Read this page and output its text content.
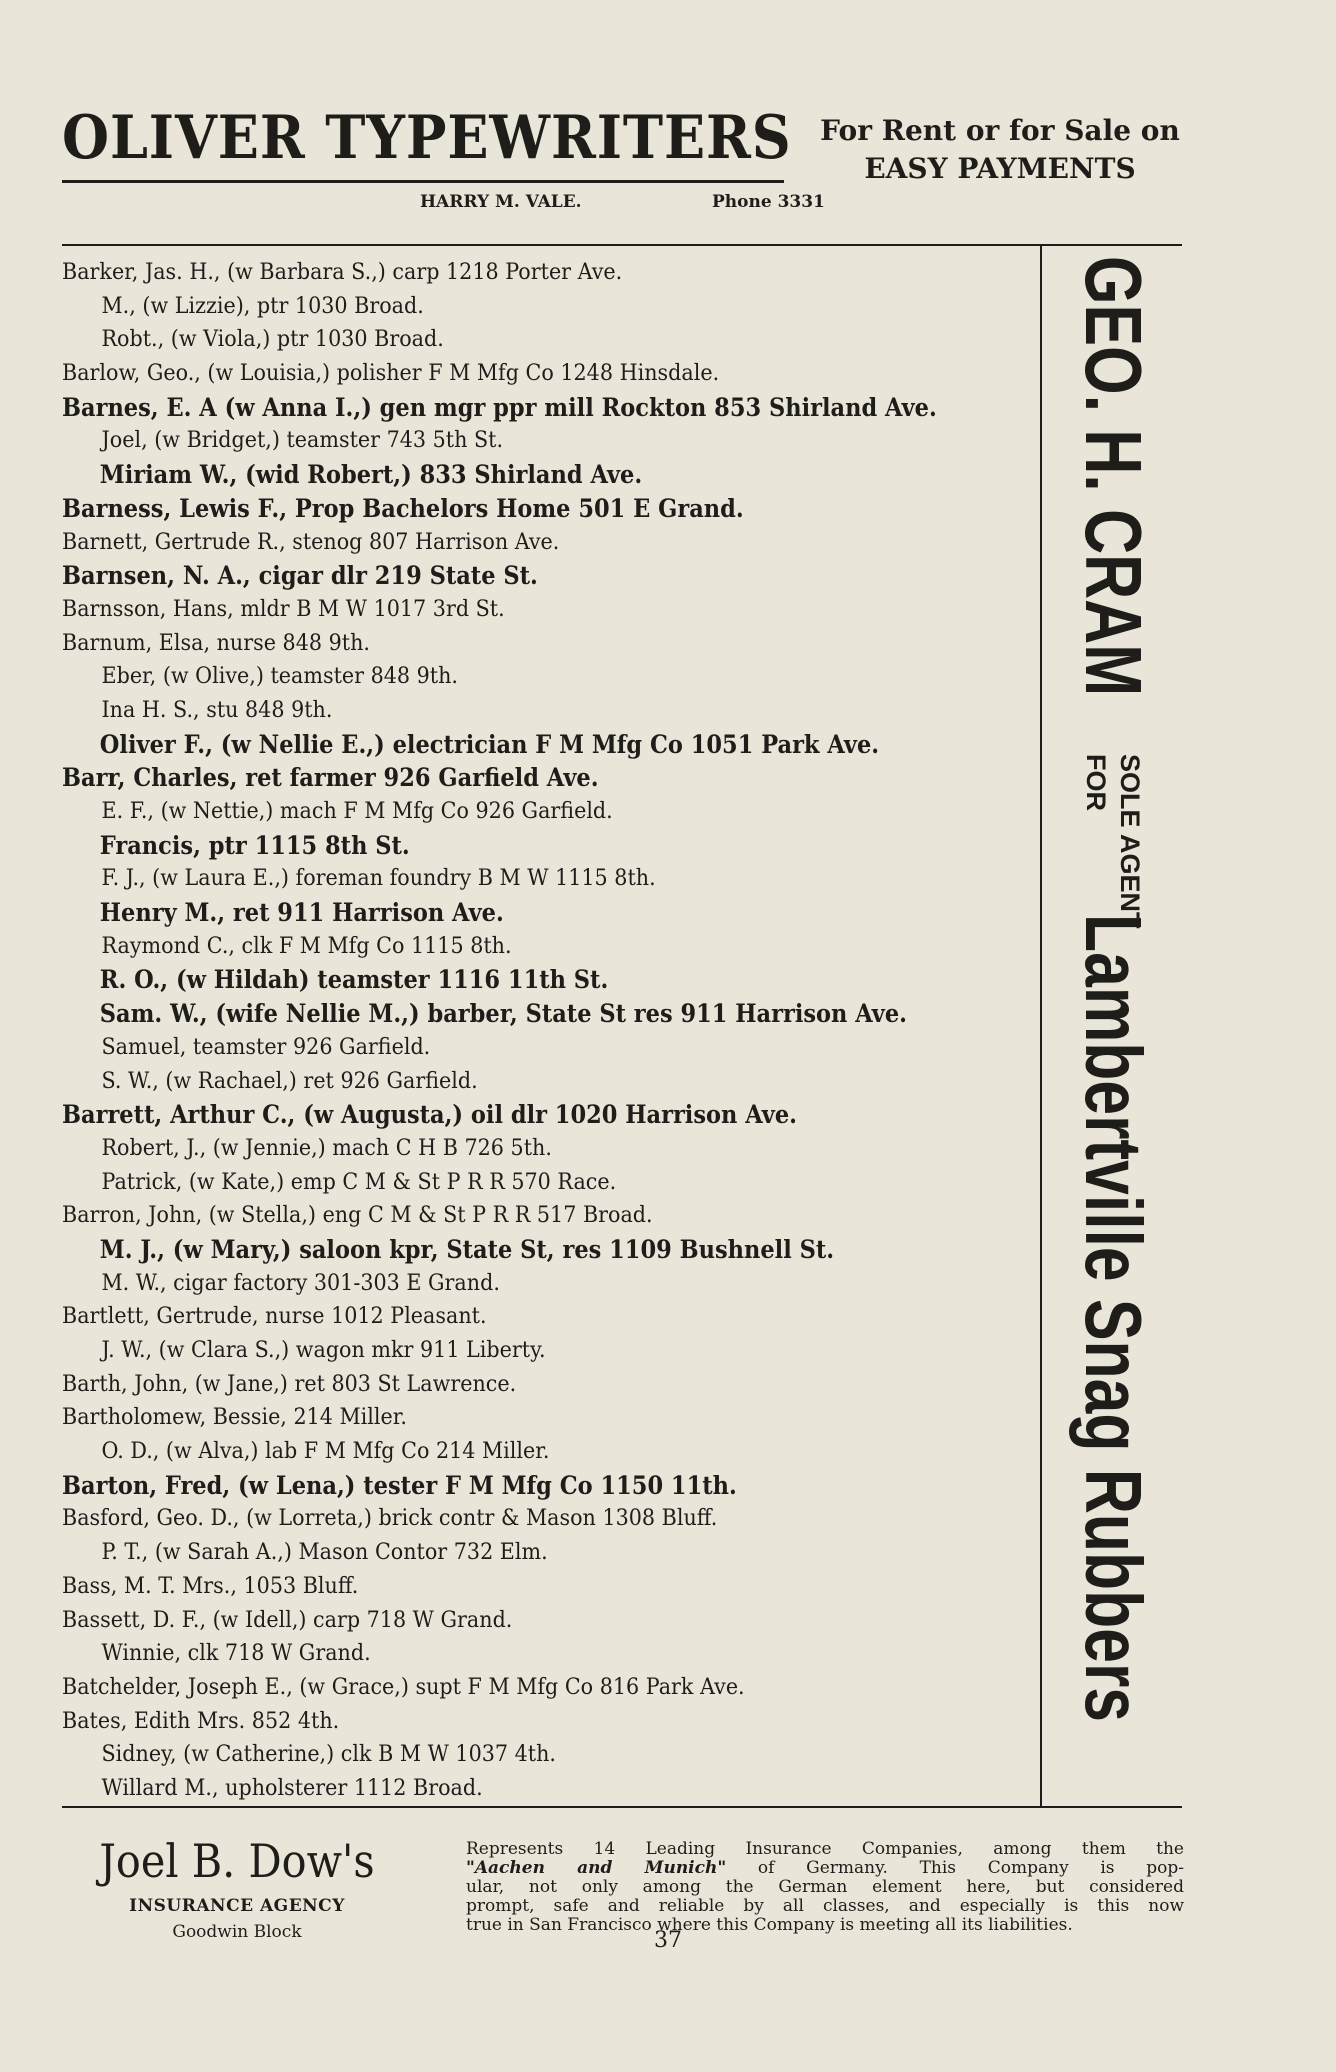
OLIVER TYPEWRITERS	For Rent or for Sale on
EASY PAYMENTS
HARRY M. VALE.	Phone 3331
Barker, Jas. H., (w Barbara S.,) carp 1218 Porter Ave.
M., (w Lizzie), ptr 1030 Broad.
Robt., (w Viola,) ptr 1030 Broad.
Barlow, Geo., (w Louisia,) polisher F M Mfg Co 1248 Hinsdale.
Barnes, E. A (w Anna I.,) gen mgr ppr mill Rockton 853 Shirland Ave.
Joel, (w Bridget,) teamster 743 5th St.
Miriam W., (wid Robert,) 833 Shirland Ave.
Barness, Lewis F., Prop Bachelors Home 501 E Grand.
Barnett, Gertrude R., stenog 807 Harrison Ave.
Barnsen, N. A., cigar dlr 219 State St.
Barnsson, Hans, mldr B M W 1017 3rd St.
Barnum, Elsa, nurse 848 9th.
Eber, (w Olive,) teamster 848 9th.
Ina H. S., stu 848 9th.
Oliver F., (w Nellie E.,) electrician F M Mfg Co 1051 Park Ave.
Barr, Charles, ret farmer 926 Garfield Ave.
E. F., (w Nettie,) mach F M Mfg Co 926 Garfield.
Francis, ptr 1115 8th St.
F. J., (w Laura E.,) foreman foundry B M W 1115 8th.
Henry M., ret 911 Harrison Ave.
Raymond C., clk F M Mfg Co 1115 8th.
R. O., (w Hildah) teamster 1116 11th St.
Sam. W., (wife Nellie M.,) barber, State St res 911 Harrison Ave.
Samuel, teamster 926 Garfield.
S. W., (w Rachael,) ret 926 Garfield.
Barrett, Arthur C., (w Augusta,) oil dlr 1020 Harrison Ave.
Robert, J., (w Jennie,) mach C H B 726 5th.
Patrick, (w Kate,) emp C M & St P R R 570 Race.
Barron, John, (w Stella,) eng C M & St P R R 517 Broad.
M. J., (w Mary,) saloon kpr, State St, res 1109 Bushnell St.
M. W., cigar factory 301-303 E Grand.
Bartlett, Gertrude, nurse 1012 Pleasant.
J. W., (w Clara S.,) wagon mkr 911 Liberty.
Barth, John, (w Jane,) ret 803 St Lawrence.
Bartholomew, Bessie, 214 Miller.
O. D., (w Alva,) lab F M Mfg Co 214 Miller.
Barton, Fred, (w Lena,) tester F M Mfg Co 1150 11th.
Basford, Geo. D., (w Lorreta,) brick contr & Mason 1308 Bluff.
P. T., (w Sarah A.,) Mason Contor 732 Elm.
Bass, M. T. Mrs., 1053 Bluff.
Bassett, D. F., (w Idell,) carp 718 W Grand.
Winnie, clk 718 W Grand.
Batchelder, Joseph E., (w Grace,) supt F M Mfg Co 816 Park Ave.
Bates, Edith Mrs. 852 4th.
Sidney, (w Catherine,) clk B M W 1037 4th.
Willard M., upholsterer 1112 Broad.
GEO. H. CRAM
SOLE AGENT
FOR
Lambertville Snag Rubbers
Joel B. Dow's
INSURANCE AGENCY
Goodwin Block
Represents 14 Leading Insurance Companies, among them the
"Aachen and Munich" of Germany. This Company is pop-
ular, not only among the German element here, but considered
prompt, safe and reliable by all classes, and especially is this now
true in San Francisco where this Company is meeting all its liabilities.
37
